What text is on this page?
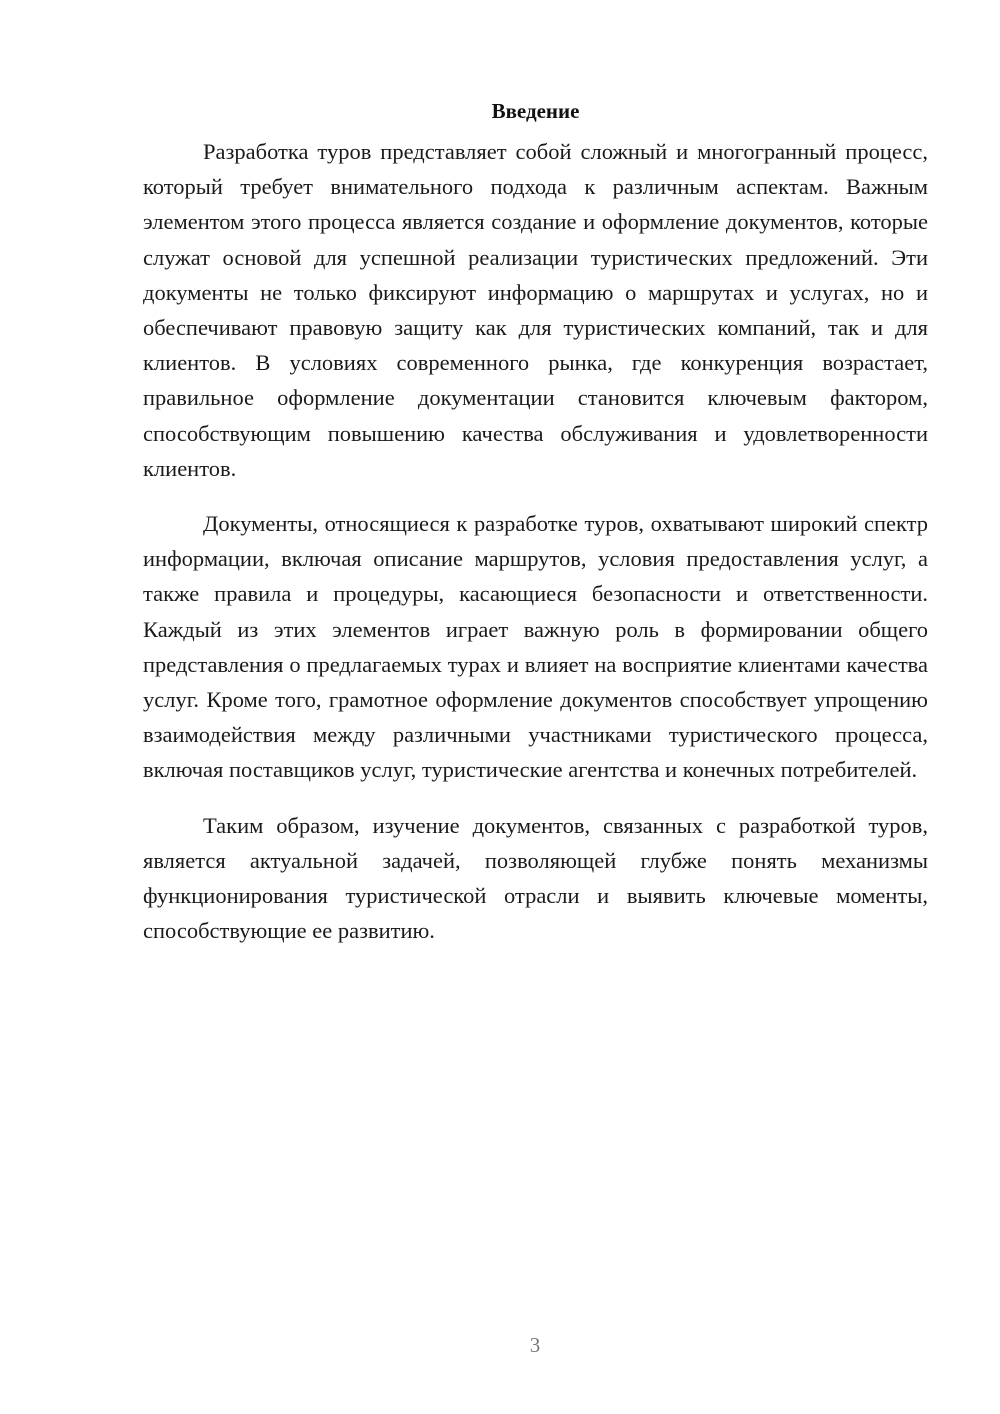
Введение

Разработка туров представляет собой сложный и многогранный процесс, который требует внимательного подхода к различным аспектам. Важным элементом этого процесса является создание и оформление документов, которые служат основой для успешной реализации туристических предложений. Эти документы не только фиксируют информацию о маршрутах и услугах, но и обеспечивают правовую защиту как для туристических компаний, так и для клиентов. В условиях современного рынка, где конкуренция возрастает, правильное оформление документации становится ключевым фактором, способствующим повышению качества обслуживания и удовлетворенности клиентов.

Документы, относящиеся к разработке туров, охватывают широкий спектр информации, включая описание маршрутов, условия предоставления услуг, а также правила и процедуры, касающиеся безопасности и ответственности. Каждый из этих элементов играет важную роль в формировании общего представления о предлагаемых турах и влияет на восприятие клиентами качества услуг. Кроме того, грамотное оформление документов способствует упрощению взаимодействия между различными участниками туристического процесса, включая поставщиков услуг, туристические агентства и конечных потребителей.

Таким образом, изучение документов, связанных с разработкой туров, является актуальной задачей, позволяющей глубже понять механизмы функционирования туристической отрасли и выявить ключевые моменты, способствующие ее развитию.

3
